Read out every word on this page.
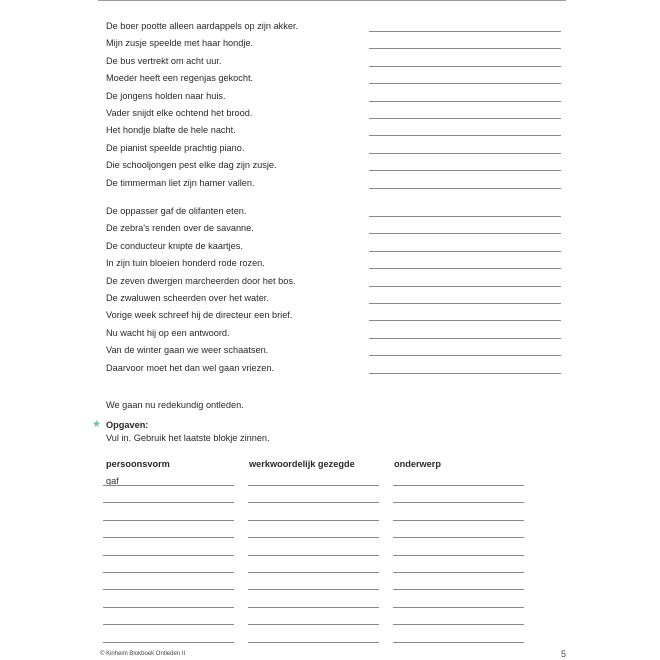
De boer pootte alleen aardappels op zijn akker.
Mijn zusje speelde met haar hondje.
De bus vertrekt om acht uur.
Moeder heeft een regenjas gekocht.
De jongens holden naar huis.
Vader snijdt elke ochtend het brood.
Het hondje blafte de hele nacht.
De pianist speelde prachtig piano.
Die schooljongen pest elke dag zijn zusje.
De timmerman liet zijn hamer vallen.
De oppasser gaf de olifanten eten.
De zebra's renden over de savanne.
De conducteur knipte de kaartjes.
In zijn tuin bloeien honderd rode rozen.
De zeven dwergen marcheerden door het bos.
De zwaluwen scheerden over het water.
Vorige week schreef hij de directeur een brief.
Nu wacht hij op een antwoord.
Van de winter gaan we weer schaatsen.
Daarvoor moet het dan wel gaan vriezen.
We gaan nu redekundig ontleden.
★ Opgaven:
Vul in. Gebruik het laatste blokje zinnen.
persoonsvorm	werkwoordelijk gezegde	onderwerp
gaf
© Kinheim Blokboek Ontleden II	5
